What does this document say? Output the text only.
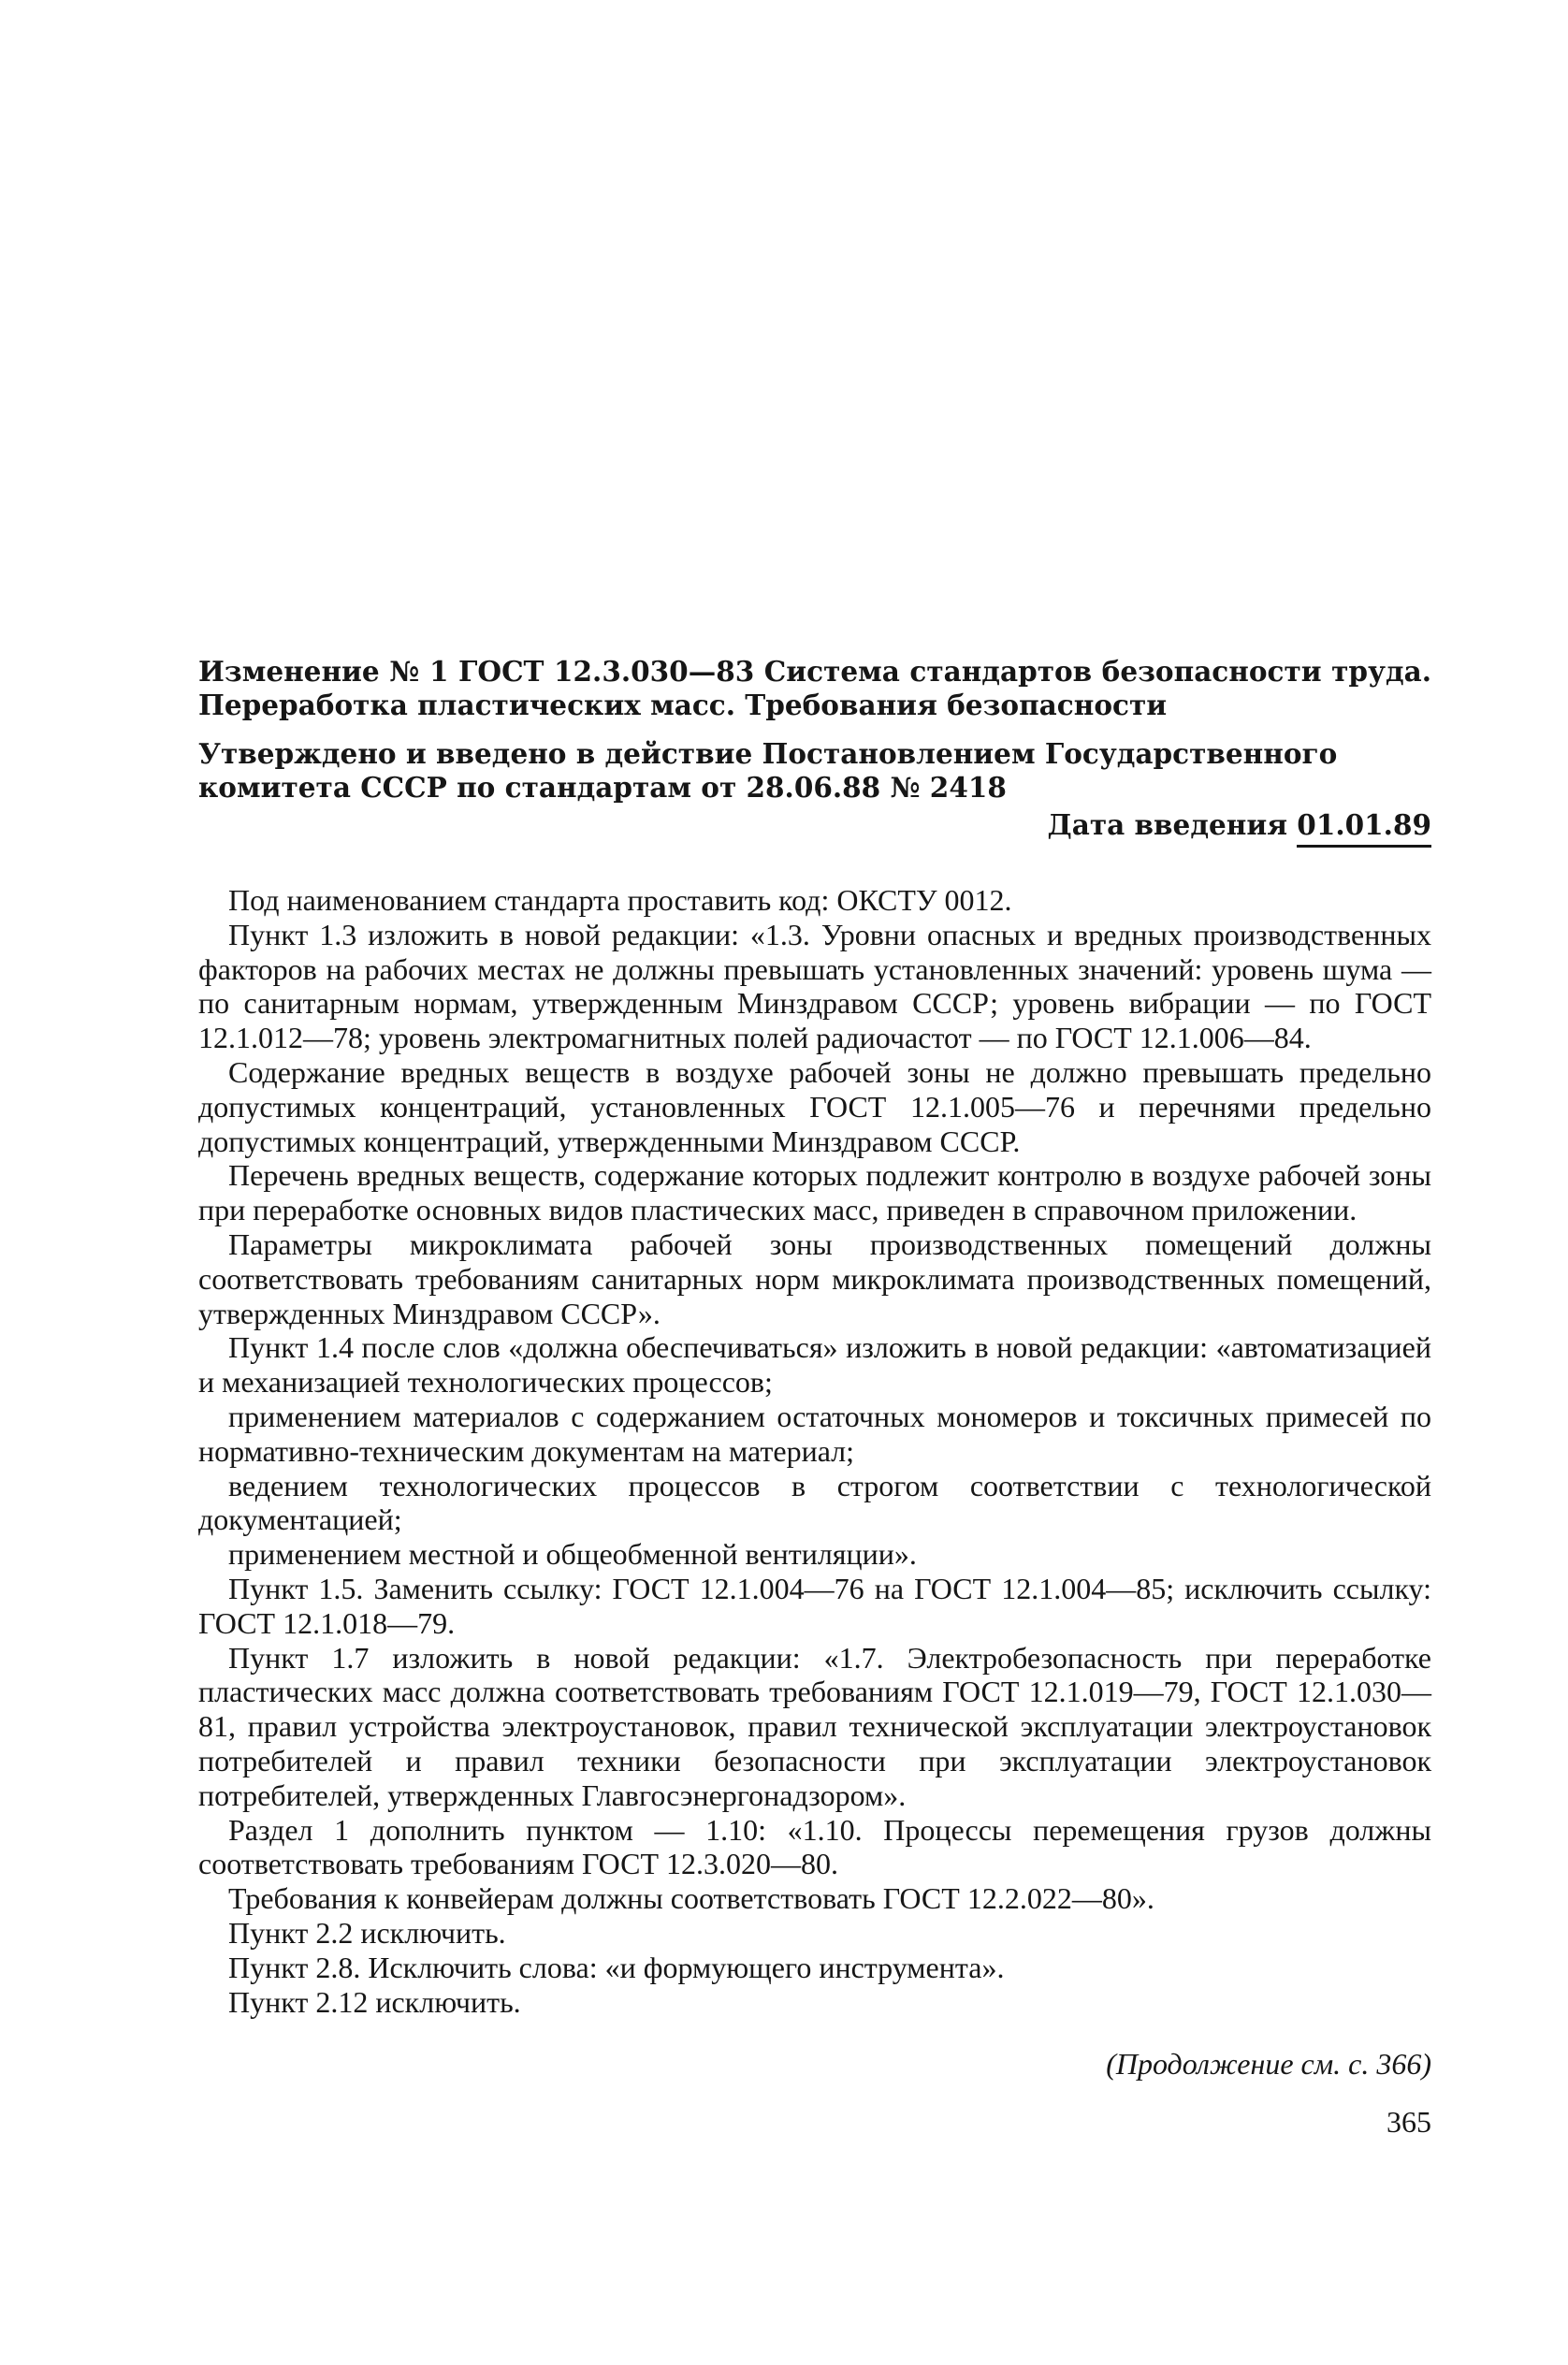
Изменение № 1 ГОСТ 12.3.030—83 Система стандартов безопасности труда.
Переработка пластических масс. Требования безопасности
Утверждено и введено в действие Постановлением Государственного комитета СССР по стандартам от 28.06.88 № 2418
Дата введения 01.01.89

Под наименованием стандарта проставить код: ОКСТУ 0012.

Пункт 1.3 изложить в новой редакции: «1.3. Уровни опасных и вредных производственных факторов на рабочих местах не должны превышать установленных значений: уровень шума — по санитарным нормам, утвержденным Минздравом СССР; уровень вибрации — по ГОСТ 12.1.012—78; уровень электромагнитных полей радиочастот — по ГОСТ 12.1.006—84.

Содержание вредных веществ в воздухе рабочей зоны не должно превышать предельно допустимых концентраций, установленных ГОСТ 12.1.005—76 и перечнями предельно допустимых концентраций, утвержденными Минздравом СССР.

Перечень вредных веществ, содержание которых подлежит контролю в воздухе рабочей зоны при переработке основных видов пластических масс, приведен в справочном приложении.

Параметры микроклимата рабочей зоны производственных помещений должны соответствовать требованиям санитарных норм микроклимата производственных помещений, утвержденных Минздравом СССР».

Пункт 1.4 после слов «должна обеспечиваться» изложить в новой редакции: «автоматизацией и механизацией технологических процессов;

применением материалов с содержанием остаточных мономеров и токсичных примесей по нормативно-техническим документам на материал;

ведением технологических процессов в строгом соответствии с технологической документацией;

применением местной и общеобменной вентиляции».

Пункт 1.5. Заменить ссылку: ГОСТ 12.1.004—76 на ГОСТ 12.1.004—85; исключить ссылку: ГОСТ 12.1.018—79.

Пункт 1.7 изложить в новой редакции: «1.7. Электробезопасность при переработке пластических масс должна соответствовать требованиям ГОСТ 12.1.019—79, ГОСТ 12.1.030—81, правил устройства электроустановок, правил технической эксплуатации электроустановок потребителей и правил техники безопасности при эксплуатации электроустановок потребителей, утвержденных Главгосэнергонадзором».

Раздел 1 дополнить пунктом — 1.10: «1.10. Процессы перемещения грузов должны соответствовать требованиям ГОСТ 12.3.020—80.

Требования к конвейерам должны соответствовать ГОСТ 12.2.022—80».

Пункт 2.2 исключить.

Пункт 2.8. Исключить слова: «и формующего инструмента».

Пункт 2.12 исключить.

(Продолжение см. с. 366)
365
